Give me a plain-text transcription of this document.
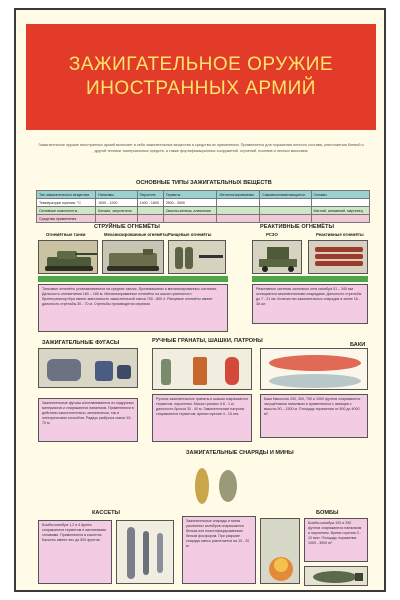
ЗАЖИГАТЕЛЬНОЕ ОРУЖИЕ
ИНОСТРАННЫХ АРМИЙ
Зажигательное оружие иностранных армий включает в себя зажигательные вещества и средства их применения. Применяется для поражения личного состава, уничтожения боевой и другой техники, материальных средств, а также фортификационных сооружений, строений, посевов и лесных массивов
ОСНОВНЫЕ ТИПЫ ЗАЖИГАТЕЛЬНЫХ ВЕЩЕСТВ
Тип зажигательного вещества	Напалмы	Пирогели	Термиты	Металлизированные	Самовоспламеняющиеся	Сплавы
Температура горения, °C	1000 - 1200	1400 - 1600	2500 - 3000			
Основные компоненты	Бензин, загуститель		Окислы железа, алюминия			Магний, алюминий, марганец
Средства применения						
СТРУЙНЫЕ ОГНЕМЁТЫ	РЕАКТИВНЫЕ ОГНЕМЁТЫ
Огнемётные танки	Механизированные огнемёты Ранцевые огнемёты	РСЗО	Реактивные огнемёты
Танковые огнемёты устанавливаются на средних танках, бронемашинах и механизированных системах. Дальность огнеметания 160 – 180 м. Механизированные огнемёты на шасси гусеничного бронетранспортёра имеют вместимость зажигательной смеси 700 - 800 л. Ранцевые огнемёты имеют дальность стрельбы 30 - 70 м. Стрельбы производятся сериями.
Реактивные системы залпового огня калибра 51 – 340 мм оснащаются зажигательными снарядами. Дальность стрельбы до 7 - 21 км. Количество зажигательных снарядов в залпе 16 - 36 шт.
ЗАЖИГАТЕЛЬНЫЕ ФУГАСЫ	РУЧНЫЕ ГРАНАТЫ, ШАШКИ, ПАТРОНЫ
БАКИ
Зажигательные фугасы изготавливаются из подручных материалов и снаряжаются напалмом. Применяются в действии самостоятельно, механически, так и электрическим способом. Радиус разброса смеси 15 - 70 м.
Ручные зажигательные гранаты и шашки снаряжаются термитом, пирогелем. Масса гранаты 0,8 - 1 кг, дальность броска 30 - 40 м. Зажигательные патроны снаряжаются термитом, время горения 4 - 15 сек.
Баки ёмкостью 200, 300, 750 и 1000 фунтов снаряжаются загущёнными напалмом и применяются с авиации с высоты 50 – 1500 м. Площадь поражения от 500 до 4000 м².
ЗАЖИГАТЕЛЬНЫЕ СНАРЯДЫ И МИНЫ
КАССЕТЫ	БОМБЫ
Бомбы калибра 1,2 и 4 фунта снаряжаются термитом и магниевыми сплавами. Применяются в кассетах. Кассеты имеют вес до 500 фунтов.
Зажигательные снаряды и мины различных калибров снаряжаются белым или пластифицированным белым фосфором. При разрыве снаряда смесь разлетается на 10 - 20 м.
Бомбы калибра 100 и 250 фунтов снаряжаются напалмом и пирогелем. Время горения 3 - 10 мин. Площадь поражения 1000 - 3000 м².
